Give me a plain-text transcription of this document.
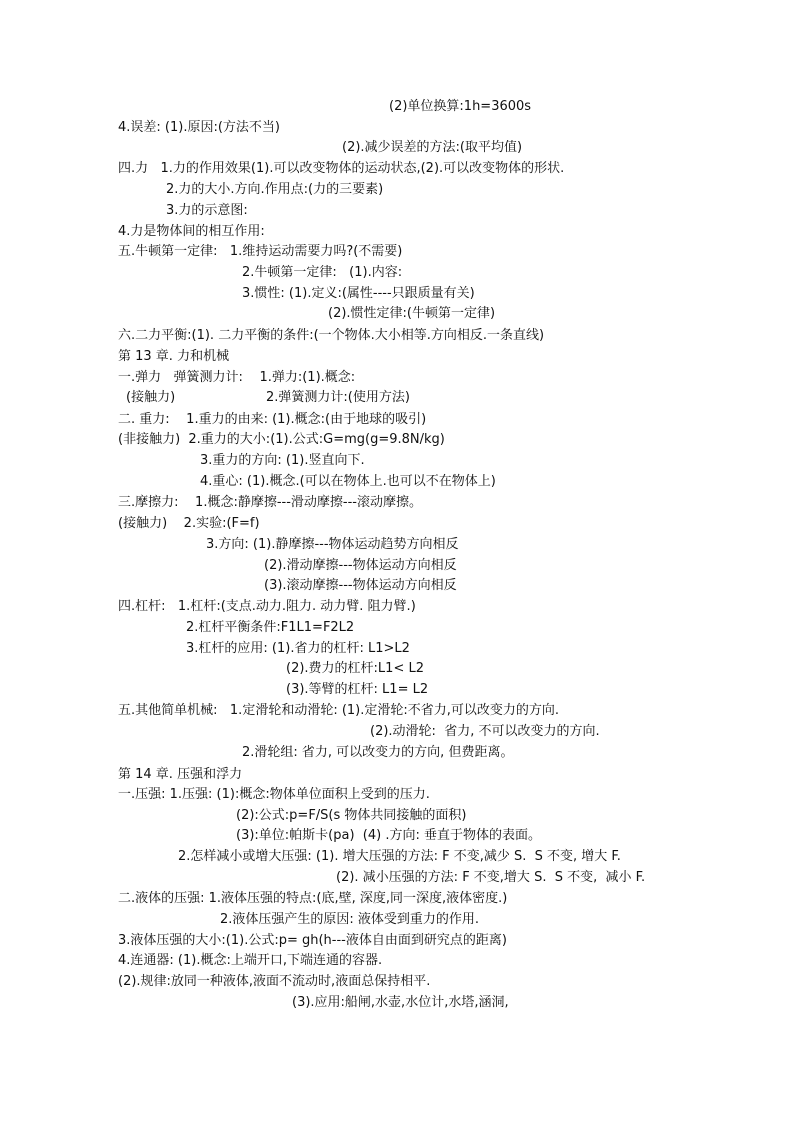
(2)单位换算:1h=3600s
4.误差: (1).原因:(方法不当)
(2).减少误差的方法:(取平均值)
四.力   1.力的作用效果(1).可以改变物体的运动状态,(2).可以改变物体的形状.
2.力的大小.方向.作用点:(力的三要素)
3.力的示意图:
4.力是物体间的相互作用:
五.牛顿第一定律:   1.维持运动需要力吗?(不需要)
2.牛顿第一定律:   (1).内容:
3.惯性: (1).定义:(属性----只跟质量有关)
(2).惯性定律:(牛顿第一定律)
六.二力平衡:(1). 二力平衡的条件:(一个物体.大小相等.方向相反.一条直线)
第 13 章. 力和机械
一.弹力   弹簧测力计:    1.弹力:(1).概念:
(接触力)	2.弹簧测力计:(使用方法)
二. 重力:    1.重力的由来: (1).概念:(由于地球的吸引)
(非接触力)  2.重力的大小:(1).公式:G=mg(g=9.8N/kg)
3.重力的方向: (1).竖直向下.
4.重心: (1).概念.(可以在物体上.也可以不在物体上)
三.摩擦力:    1.概念:静摩擦---滑动摩擦---滚动摩擦。
(接触力)    2.实验:(F=f)
3.方向: (1).静摩擦---物体运动趋势方向相反
(2).滑动摩擦---物体运动方向相反
(3).滚动摩擦---物体运动方向相反
四.杠杆:   1.杠杆:(支点.动力.阻力. 动力臂. 阻力臂.)
2.杠杆平衡条件:F1L1=F2L2
3.杠杆的应用: (1).省力的杠杆: L1>L2
(2).费力的杠杆:L1< L2
(3).等臂的杠杆: L1= L2
五.其他简单机械:   1.定滑轮和动滑轮: (1).定滑轮:不省力,可以改变力的方向.
(2).动滑轮:  省力, 不可以改变力的方向.
2.滑轮组: 省力, 可以改变力的方向, 但费距离。
第 14 章. 压强和浮力
一.压强: 1.压强: (1):概念:物体单位面积上受到的压力.
(2):公式:p=F/S(s 物体共同接触的面积)
(3):单位:帕斯卡(pa)  (4) .方向: 垂直于物体的表面。
2.怎样减小或增大压强: (1). 增大压强的方法: F 不变,减少 S.  S 不变, 增大 F.
(2). 减小压强的方法: F 不变,增大 S.  S 不变,  减小 F.
二.液体的压强: 1.液体压强的特点:(底,壁, 深度,同一深度,液体密度.)
2.液体压强产生的原因: 液体受到重力的作用.
3.液体压强的大小:(1).公式:p= gh(h---液体自由面到研究点的距离)
4.连通器: (1).概念:上端开口,下端连通的容器.
(2).规律:放同一种液体,液面不流动时,液面总保持相平.
(3).应用:船闸,水壶,水位计,水塔,涵洞,
